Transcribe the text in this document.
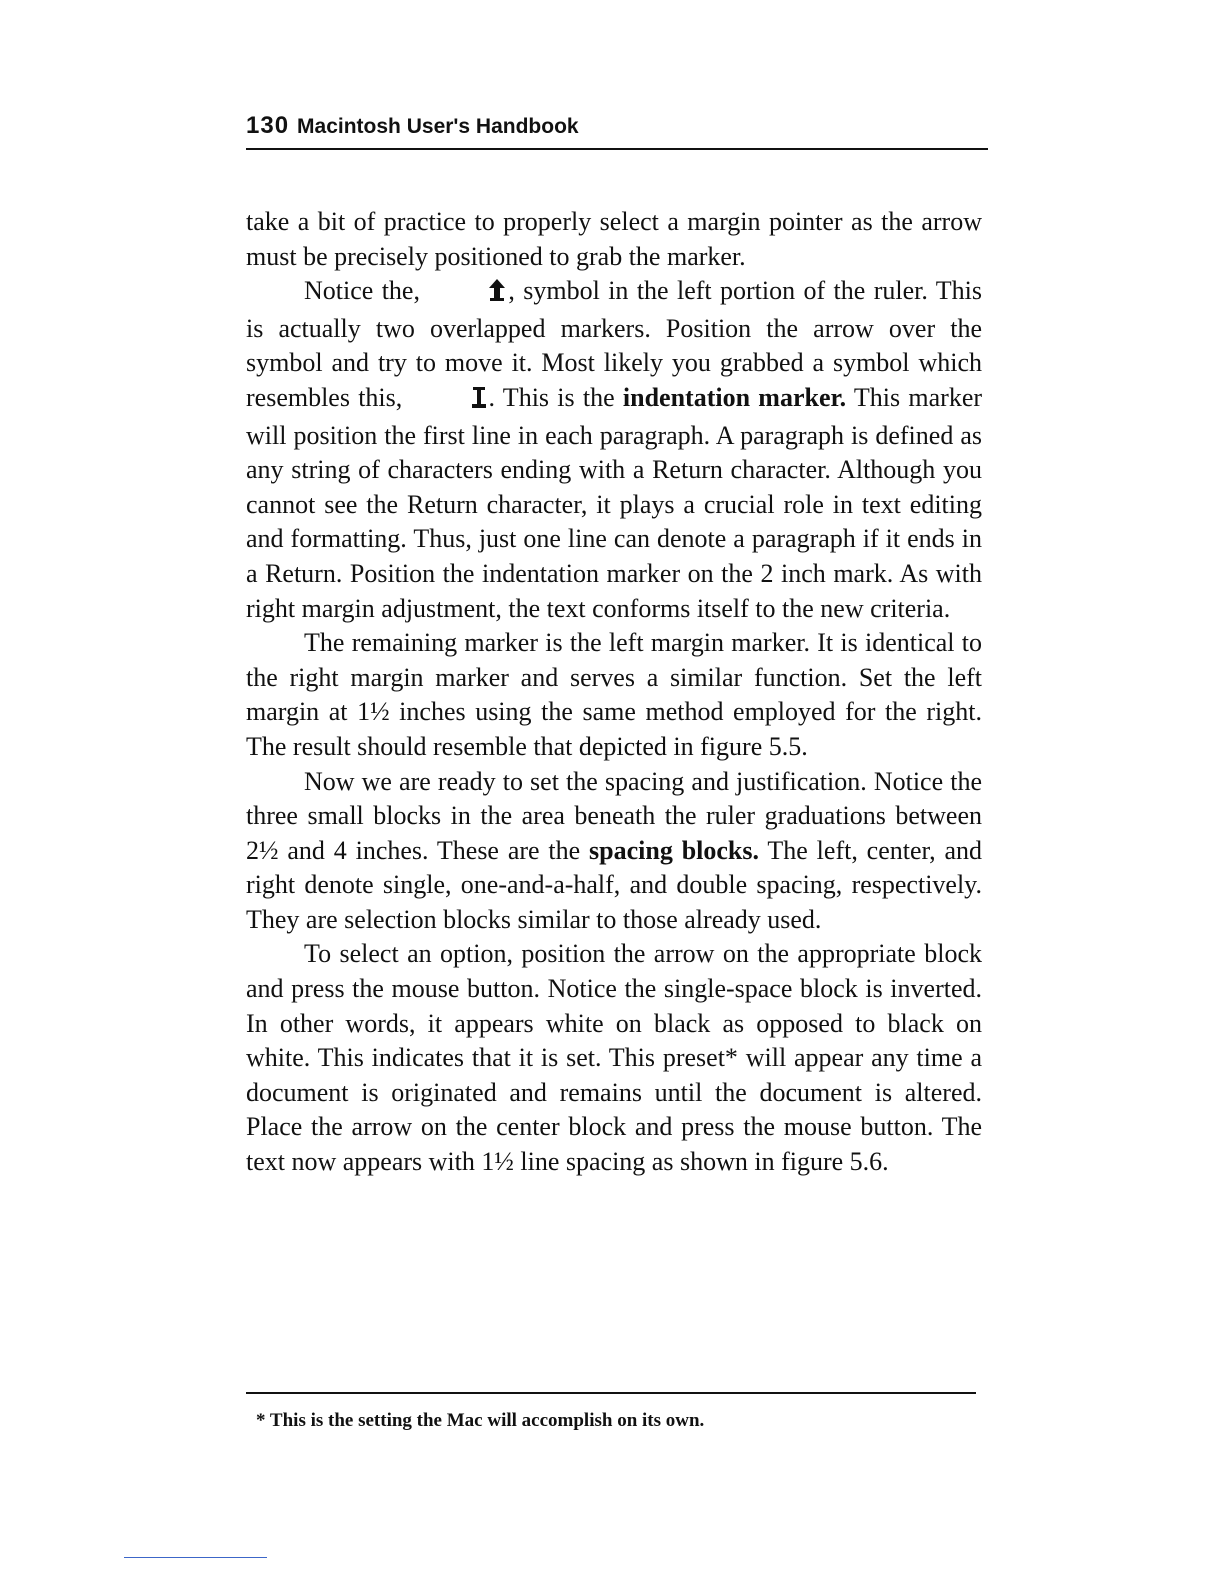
130 Macintosh User's Handbook

take a bit of practice to properly select a margin pointer as the arrow must be precisely positioned to grab the marker.

Notice the,	, symbol in the left portion of the ruler. This is actually two overlapped markers. Position the arrow over the symbol and try to move it. Most likely you grabbed a symbol which resembles this,	. This is the indentation marker. This marker will position the first line in each paragraph. A paragraph is defined as any string of characters ending with a Return character. Although you cannot see the Return character, it plays a crucial role in text editing and formatting. Thus, just one line can denote a paragraph if it ends in a Return. Position the indentation marker on the 2 inch mark. As with right margin adjustment, the text conforms itself to the new criteria.

The remaining marker is the left margin marker. It is identical to the right margin marker and serves a similar function. Set the left margin at 1½ inches using the same method employed for the right. The result should resemble that depicted in figure 5.5.

Now we are ready to set the spacing and justification. Notice the three small blocks in the area beneath the ruler graduations between 2½ and 4 inches. These are the spacing blocks. The left, center, and right denote single, one-and-a-half, and double spacing, respectively. They are selection blocks similar to those already used.

To select an option, position the arrow on the appropriate block and press the mouse button. Notice the single-space block is inverted. In other words, it appears white on black as opposed to black on white. This indicates that it is set. This preset* will appear any time a document is originated and remains until the document is altered. Place the arrow on the center block and press the mouse button. The text now appears with 1½ line spacing as shown in figure 5.6.

* This is the setting the Mac will accomplish on its own.
